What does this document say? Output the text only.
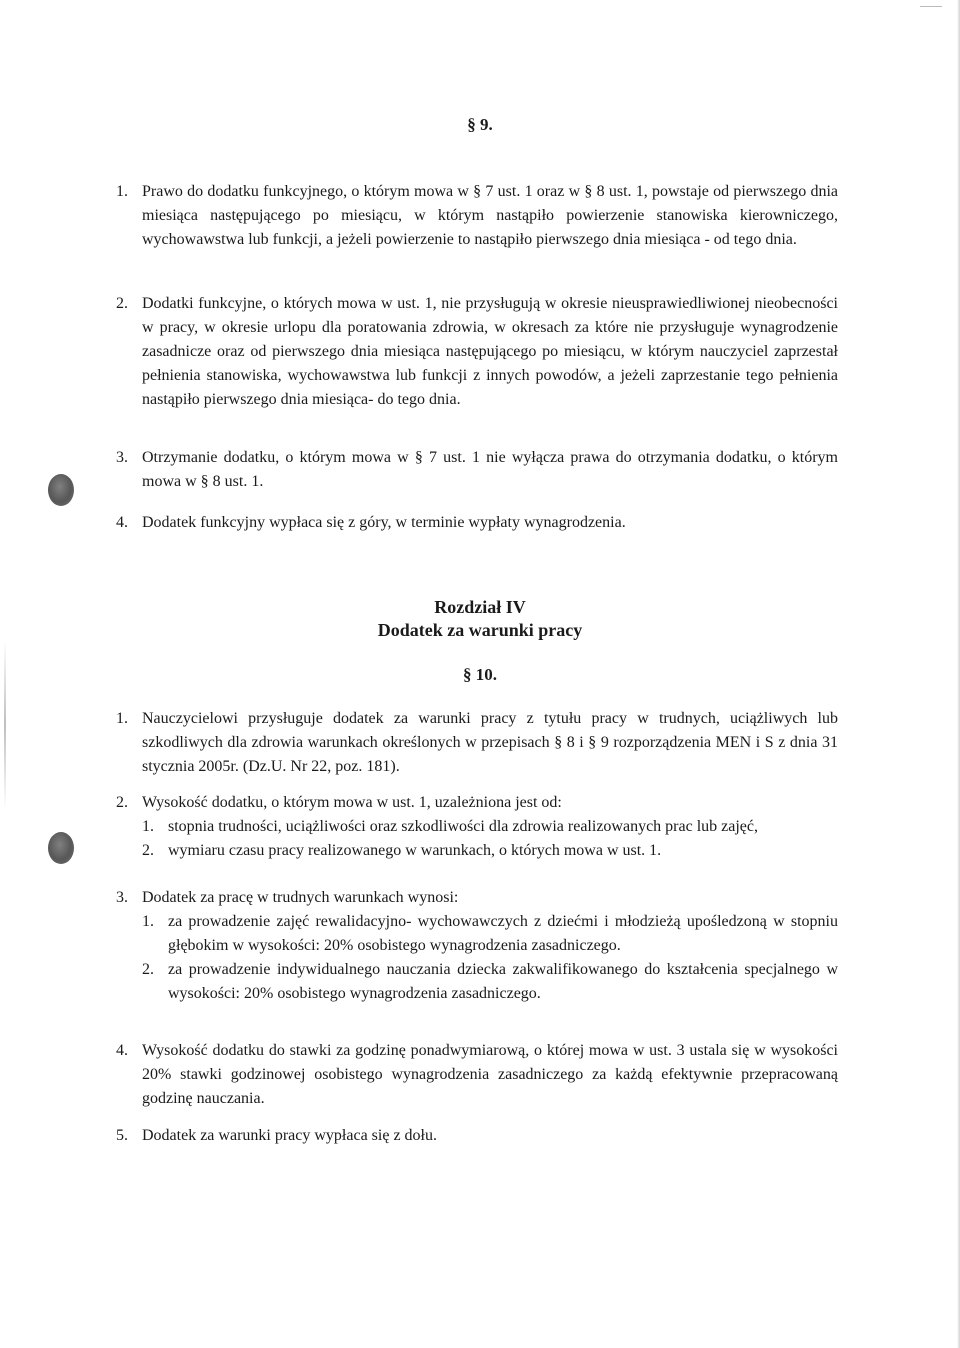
§ 9.
1. Prawo do dodatku funkcyjnego, o którym mowa w § 7 ust. 1 oraz w § 8 ust. 1, powstaje od pierwszego dnia miesiąca następującego po miesiącu, w którym nastąpiło powierzenie stanowiska kierowniczego, wychowawstwa lub funkcji, a jeżeli powierzenie to nastąpiło pierwszego dnia miesiąca - od tego dnia.
2. Dodatki funkcyjne, o których mowa w ust. 1, nie przysługują w okresie nieusprawiedliwionej nieobecności w pracy, w okresie urlopu dla poratowania zdrowia, w okresach za które nie przysługuje wynagrodzenie zasadnicze oraz od pierwszego dnia miesiąca następującego po miesiącu, w którym nauczyciel zaprzestał pełnienia stanowiska, wychowawstwa lub funkcji z innych powodów, a jeżeli zaprzestanie tego pełnienia nastąpiło pierwszego dnia miesiąca- do tego dnia.
3. Otrzymanie dodatku, o którym mowa w § 7 ust. 1 nie wyłącza prawa do otrzymania dodatku, o którym mowa w § 8 ust. 1.
4. Dodatek funkcyjny wypłaca się z góry, w terminie wypłaty wynagrodzenia.
Rozdział IV
Dodatek za warunki pracy
§ 10.
1. Nauczycielowi przysługuje dodatek za warunki pracy z tytułu pracy w trudnych, uciążliwych lub szkodliwych dla zdrowia warunkach określonych w przepisach § 8 i § 9 rozporządzenia MEN i S z dnia 31 stycznia 2005r. (Dz.U. Nr 22, poz. 181).
2. Wysokość dodatku, o którym mowa w ust. 1, uzależniona jest od:
1. stopnia trudności, uciążliwości oraz szkodliwości dla zdrowia realizowanych prac lub zajęć,
2. wymiaru czasu pracy realizowanego w warunkach, o których mowa w ust. 1.
3. Dodatek za pracę w trudnych warunkach wynosi:
1. za prowadzenie zajęć rewalidacyjno- wychowawczych z dziećmi i młodzieżą upośledzoną w stopniu głębokim w wysokości: 20% osobistego wynagrodzenia zasadniczego.
2. za prowadzenie indywidualnego nauczania dziecka zakwalifikowanego do kształcenia specjalnego w wysokości: 20% osobistego wynagrodzenia zasadniczego.
4. Wysokość dodatku do stawki za godzinę ponadwymiarową, o której mowa w ust. 3 ustala się w wysokości 20% stawki godzinowej osobistego wynagrodzenia zasadniczego za każdą efektywnie przepracowaną godzinę nauczania.
5. Dodatek za warunki pracy wypłaca się z dołu.
